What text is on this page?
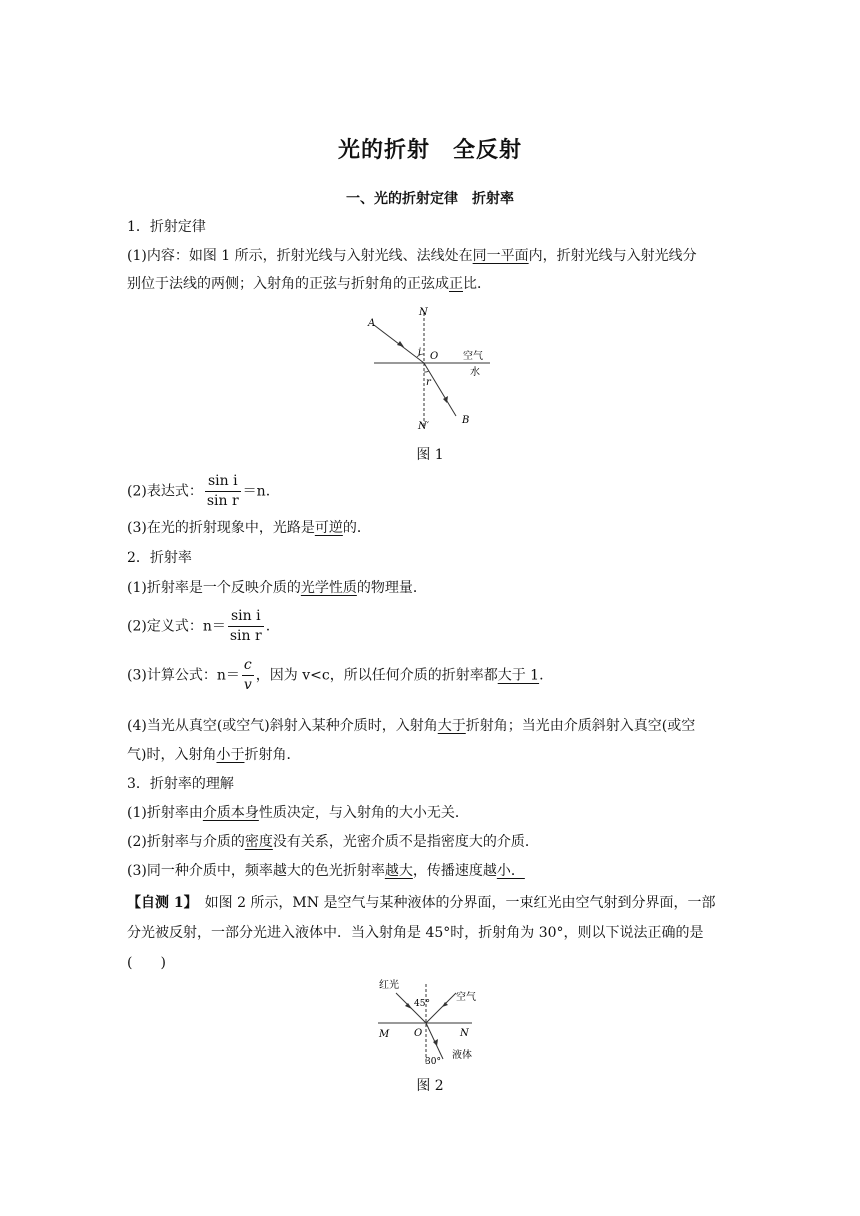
光的折射　全反射
一、光的折射定律　折射率
1．折射定律
(1)内容：如图 1 所示，折射光线与入射光线、法线处在同一平面内，折射光线与入射光线分
别位于法线的两侧；入射角的正弦与折射角的正弦成正比．
A
N
O
i
r
B
N′
空气
水
图 1
(2)表达式： $\frac{\text{sin i}}{\text{sin r}} =n$.
(3)在光的折射现象中，光路是可逆的．
2．折射率
(1)折射率是一个反映介质的光学性质的物理量．
(2)定义式：$n= \frac{\text{sin i}}{\text{sin r}}$ .
(3)计算公式：$n= \frac{c}{v}$ ，因为 v<c，所以任何介质的折射率都大于 1.
(4)当光从真空(或空气)斜射入某种介质时，入射角大于折射角；当光由介质斜射入真空(或空
气)时，入射角小于折射角．
3．折射率的理解
(1)折射率由介质本身性质决定，与入射角的大小无关．
(2)折射率与介质的密度没有关系，光密介质不是指密度大的介质．
(3)同一种介质中，频率越大的色光折射率越大，传播速度越小．
【自测 1】　如图 2 所示，MN 是空气与某种液体的分界面，一束红光由空气射到分界面，一部
分光被反射，一部分光进入液体中．当入射角是 45°时，折射角为 30°，则以下说法正确的是
(　　)
红光
45°
空气
M O	N
液体
30°
图 2
